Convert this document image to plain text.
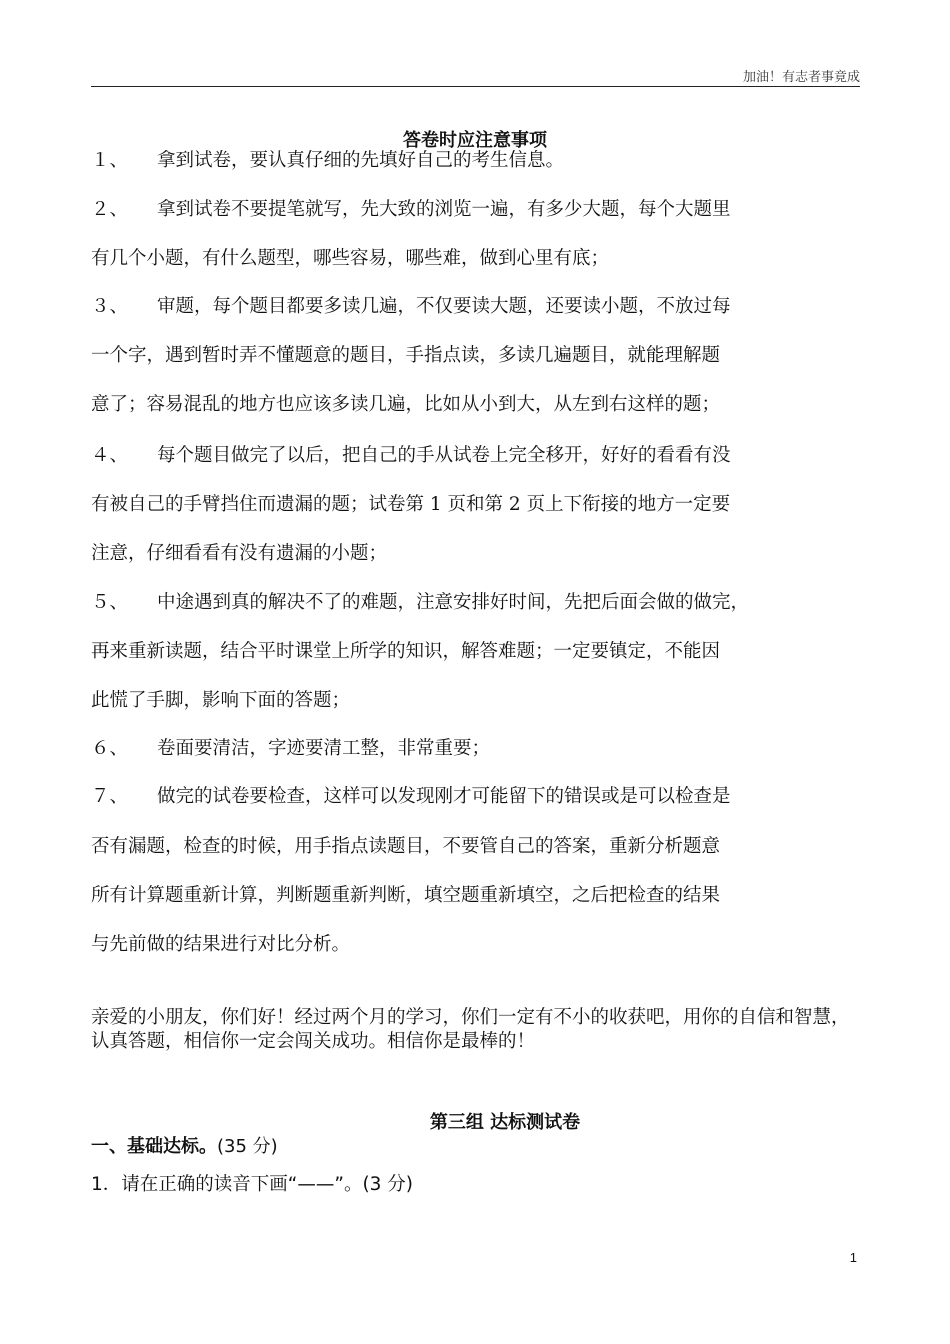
加油！有志者事竟成
答卷时应注意事项
１、 拿到试卷，要认真仔细的先填好自己的考生信息。
２、 拿到试卷不要提笔就写，先大致的浏览一遍，有多少大题，每个大题里
有几个小题，有什么题型，哪些容易，哪些难，做到心里有底；
３、 审题，每个题目都要多读几遍，不仅要读大题，还要读小题，不放过每
一个字，遇到暂时弄不懂题意的题目，手指点读，多读几遍题目，就能理解题
意了；容易混乱的地方也应该多读几遍，比如从小到大，从左到右这样的题；
４、 每个题目做完了以后，把自己的手从试卷上完全移开，好好的看看有没
有被自己的手臂挡住而遗漏的题；试卷第 1 页和第 2 页上下衔接的地方一定要
注意，仔细看看有没有遗漏的小题；
５、 中途遇到真的解决不了的难题，注意安排好时间，先把后面会做的做完，
再来重新读题，结合平时课堂上所学的知识，解答难题；一定要镇定，不能因
此慌了手脚，影响下面的答题；
６、 卷面要清洁，字迹要清工整，非常重要；
７、 做完的试卷要检查，这样可以发现刚才可能留下的错误或是可以检查是
否有漏题，检查的时候，用手指点读题目，不要管自己的答案，重新分析题意
所有计算题重新计算，判断题重新判断，填空题重新填空，之后把检查的结果
与先前做的结果进行对比分析。
亲爱的小朋友，你们好！经过两个月的学习，你们一定有不小的收获吧，用你的自信和智慧，认真答题，相信你一定会闯关成功。相信你是最棒的！
第三组 达标测试卷
一、基础达标。(35 分)
1．请在正确的读音下画“——”。(3 分)
1
